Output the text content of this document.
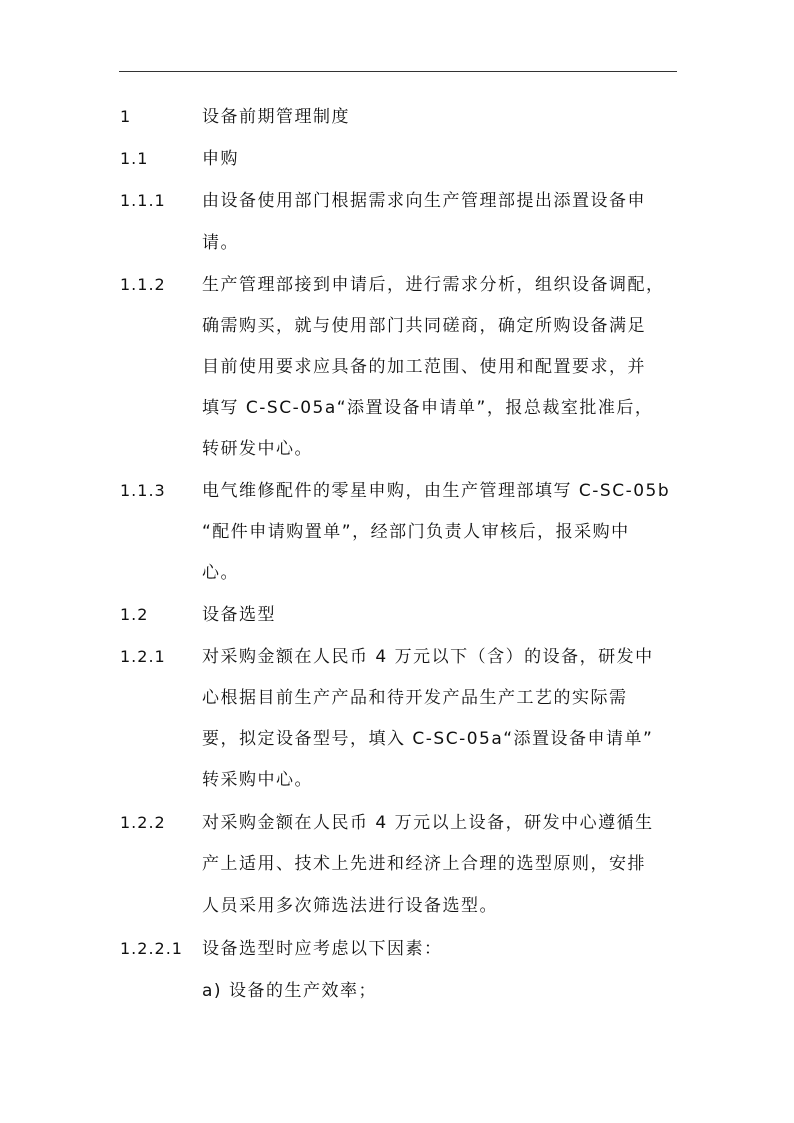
1	设备前期管理制度
1.1	申购
1.1.1 由设备使用部门根据需求向生产管理部提出添置设备申
请。
1.1.2 生产管理部接到申请后，进行需求分析，组织设备调配，
确需购买，就与使用部门共同磋商，确定所购设备满足
目前使用要求应具备的加工范围、使用和配置要求，并
填写 C-SC-05a“添置设备申请单”，报总裁室批准后，
转研发中心。
1.1.3 电气维修配件的零星申购，由生产管理部填写 C-SC-05b
“配件申请购置单”，经部门负责人审核后，报采购中
心。
1.2	设备选型
1.2.1 对采购金额在人民币 4 万元以下（含）的设备，研发中
心根据目前生产产品和待开发产品生产工艺的实际需
要，拟定设备型号，填入 C-SC-05a“添置设备申请单”
转采购中心。
1.2.2 对采购金额在人民币 4 万元以上设备，研发中心遵循生
产上适用、技术上先进和经济上合理的选型原则，安排
人员采用多次筛选法进行设备选型。
1.2.2.1 设备选型时应考虑以下因素：
a) 设备的生产效率；
